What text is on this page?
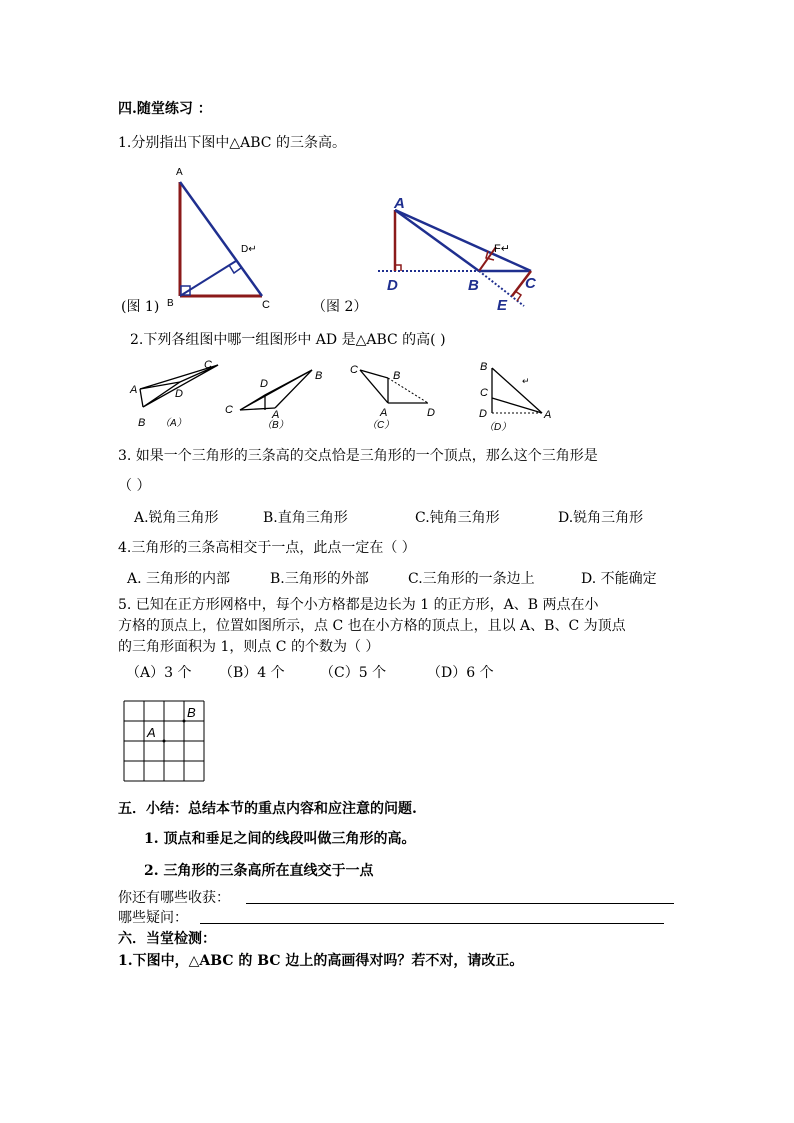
四.随堂练习 ：
1.分别指出下图中△ABC 的三条高。
A
B	C
D↵
(图 1)
A
D	B	C
E
F↵
（图 2）
2.下列各组图中哪一组图形中 AD 是△ABC 的高( )
C
A	D
B （A）
B
D
C	A
（B）
C	B
A	D
（C）
B
C
D	A
↵
（D）
3. 如果一个三角形的三条高的交点恰是三角形的一个顶点，那么这个三角形是
（ ）
A.锐角三角形	B.直角三角形	C.钝角三角形	D.锐角三角形
4.三角形的三条高相交于一点，此点一定在（ ）
A. 三角形的内部	B.三角形的外部	C.三角形的一条边上	D. 不能确定
5. 已知在正方形网格中，每个小方格都是边长为 1 的正方形，A、B 两点在小
方格的顶点上，位置如图所示，点 C 也在小方格的顶点上，且以 A、B、C 为顶点
的三角形面积为 1，则点 C 的个数为（ ）
（A）3 个 （B）4 个	（C）5 个	（D）6 个
B
A
五．小结：总结本节的重点内容和应注意的问题.
1. 顶点和垂足之间的线段叫做三角形的高。
2. 三角形的三条高所在直线交于一点
你还有哪些收获：
哪些疑问：
六．当堂检测：
1.下图中，△ABC 的 BC 边上的高画得对吗？若不对，请改正。
